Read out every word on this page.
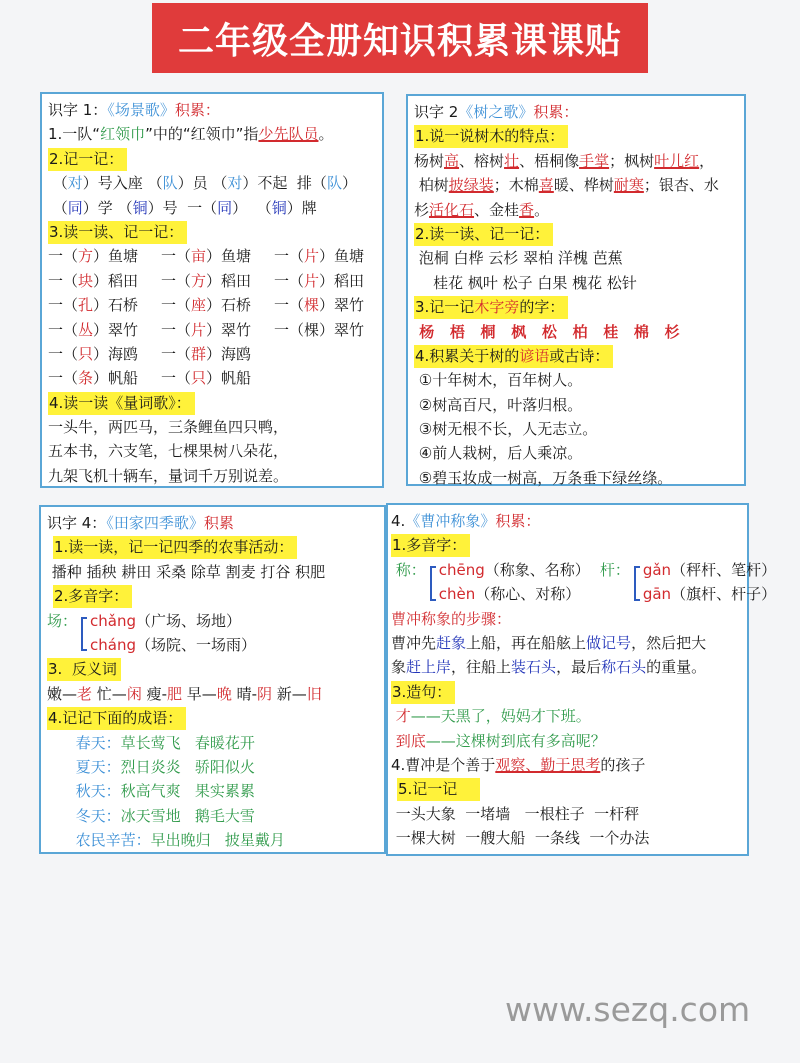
二年级全册知识积累课课贴
识字 1：《场景歌》积累：
1.一队“红领巾”中的“红领巾”指少先队员。
2.记一记：
（对）号入座 （队）员 （对）不起  排（队）
（同）学 （铜）号  一（同）  （铜）牌
3.读一读、记一记：
一（方）鱼塘 一（亩）鱼塘 一（片）鱼塘
一（块）稻田 一（方）稻田 一（片）稻田
一（孔）石桥 一（座）石桥 一（棵）翠竹
一（丛）翠竹 一（片）翠竹 一（棵）翠竹
一（只）海鸥 一（群）海鸥
一（条）帆船 一（只）帆船
4.读一读《量词歌》：
一头牛，两匹马，三条鲤鱼四只鸭，
五本书，六支笔，七棵果树八朵花，
九架飞机十辆车，量词千万别说差。
识字 2《树之歌》积累：
1.说一说树木的特点：
杨树高、榕树壮、梧桐像手掌；枫树叶儿红，
柏树披绿装；木棉喜暖、桦树耐寒；银杏、水
杉活化石、金桂香。
2.读一读、记一记：
泡桐 白桦 云杉 翠柏 洋槐 芭蕉
桂花 枫叶 松子 白果 槐花 松针
3.记一记木字旁的字：
杨   梧   桐   枫   松   柏   桂   棉   杉
4.积累关于树的谚语或古诗：
①十年树木，百年树人。
②树高百尺，叶落归根。
③树无根不长，人无志立。
④前人栽树，后人乘凉。
⑤碧玉妆成一树高，万条垂下绿丝绦。
识字 4：《田家四季歌》积累
1.读一读，记一记四季的农事活动：
播种 插秧 耕田 采桑 除草 割麦 打谷 积肥
2.多音字：
场： chǎng（广场、场地）
cháng（场院、一场雨）
3.  反义词
嫩—老 忙—闲 瘦-肥 早—晚 晴-阴 新—旧
4.记记下面的成语：
春天：草长莺飞   春暖花开
夏天：烈日炎炎   骄阳似火
秋天：秋高气爽   果实累累
冬天：冰天雪地   鹅毛大雪
农民辛苦：早出晚归   披星戴月
4.《曹冲称象》积累：
1.多音字：
称： chēng（称象、名称）
chèn（称心、对称）
杆： gǎn（秤杆、笔杆）
gān（旗杆、杆子）
曹冲称象的步骤：
曹冲先赶象上船，再在船舷上做记号，然后把大
象赶上岸，往船上装石头，最后称石头的重量。
3.造句：
才——天黑了，妈妈才下班。
到底——这棵树到底有多高呢？
4.曹冲是个善于观察、勤于思考的孩子
5.记一记
一头大象  一堵墙   一根柱子  一杆秤
一棵大树  一艘大船  一条线  一个办法
www.sezq.com
